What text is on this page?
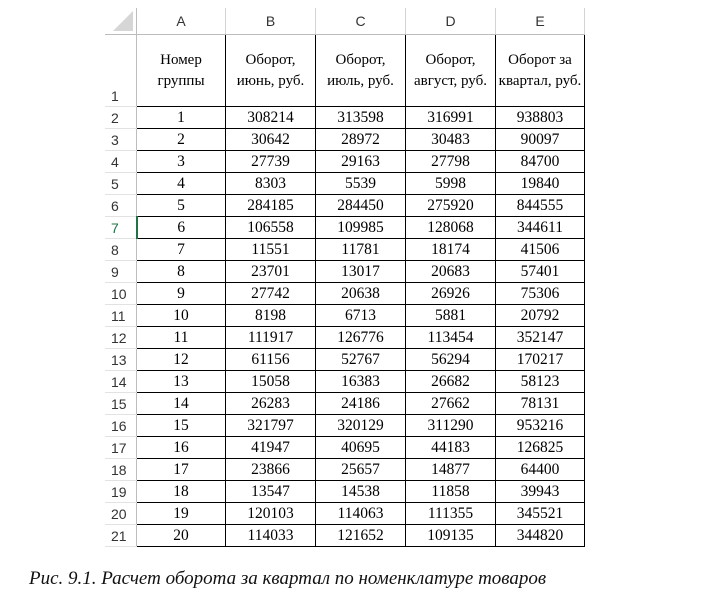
	A	B	C	D	E
1	Номер группы	Оборот, июнь, руб.	Оборот, июль, руб.	Оборот, август, руб.	Оборот за квартал, руб.
2	1	308214	313598	316991	938803
3	2	30642	28972	30483	90097
4	3	27739	29163	27798	84700
5	4	8303	5539	5998	19840
6	5	284185	284450	275920	844555
7	6	106558	109985	128068	344611
8	7	11551	11781	18174	41506
9	8	23701	13017	20683	57401
10	9	27742	20638	26926	75306
11	10	8198	6713	5881	20792
12	11	111917	126776	113454	352147
13	12	61156	52767	56294	170217
14	13	15058	16383	26682	58123
15	14	26283	24186	27662	78131
16	15	321797	320129	311290	953216
17	16	41947	40695	44183	126825
18	17	23866	25657	14877	64400
19	18	13547	14538	11858	39943
20	19	120103	114063	111355	345521
21	20	114033	121652	109135	344820
Рис. 9.1. Расчет оборота за квартал по номенклатуре товаров
